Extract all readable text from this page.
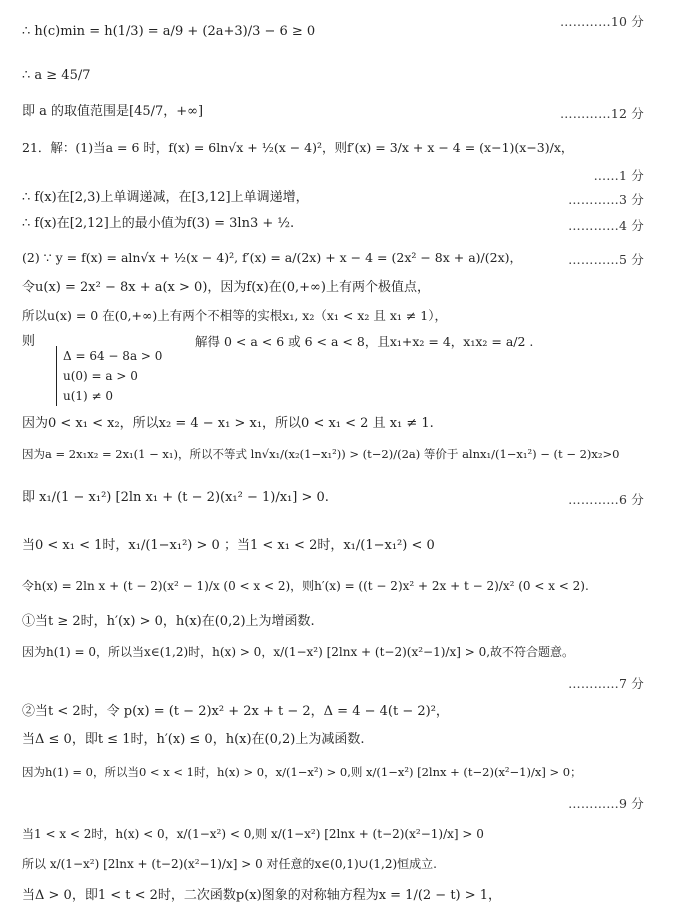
∴ h(c)min = h(1/3) = a/9 + (2a+3)/3 − 6 ≥ 0
…………10 分
∴ a ≥ 45/7
即 a 的取值范围是[45/7，+∞]	…………12 分
21．解：(1)当a = 6 时，f(x) = 6ln√x + ½(x − 4)²，则f′(x) = 3/x + x − 4 = (x−1)(x−3)/x，
……1 分
∴ f(x)在[2,3)上单调递减，在[3,12]上单调递增，	…………3 分
∴ f(x)在[2,12]上的最小值为f(3) = 3ln3 + ½.	…………4 分
(2) ∵ y = f(x) = aln√x + ½(x − 4)², f′(x) = a/(2x) + x − 4 = (2x² − 8x + a)/(2x)，	…………5 分
令u(x) = 2x² − 8x + a(x > 0)，因为f(x)在(0,+∞)上有两个极值点，
所以u(x) = 0 在(0,+∞)上有两个不相等的实根x₁, x₂（x₁ < x₂ 且 x₁ ≠ 1），
则
Δ = 64 − 8a > 0
u(0) = a > 0
u(1) ≠ 0
解得 0 < a < 6 或 6 < a < 8，且x₁+x₂ = 4，x₁x₂ = a/2 .
因为0 < x₁ < x₂，所以x₂ = 4 − x₁ > x₁，所以0 < x₁ < 2 且 x₁ ≠ 1.
因为a = 2x₁x₂ = 2x₁(1 − x₁)，所以不等式 ln√x₁/(x₂(1−x₁²)) > (t−2)/(2a) 等价于 alnx₁/(1−x₁²) − (t − 2)x₂>0
即 x₁/(1 − x₁²) [2ln x₁ + (t − 2)(x₁² − 1)/x₁] > 0.	…………6 分
当0 < x₁ < 1时，x₁/(1−x₁²) > 0 ；当1 < x₁ < 2时，x₁/(1−x₁²) < 0
令h(x) = 2ln x + (t − 2)(x² − 1)/x (0 < x < 2)，则h′(x) = ((t − 2)x² + 2x + t − 2)/x² (0 < x < 2).
①当t ≥ 2时，h′(x) > 0，h(x)在(0,2)上为增函数.
因为h(1) = 0，所以当x∈(1,2)时，h(x) > 0，x/(1−x²) [2lnx + (t−2)(x²−1)/x] > 0,故不符合题意。
…………7 分
②当t < 2时，令 p(x) = (t − 2)x² + 2x + t − 2，Δ = 4 − 4(t − 2)²，
当Δ ≤ 0，即t ≤ 1时，h′(x) ≤ 0，h(x)在(0,2)上为减函数.
因为h(1) = 0，所以当0 < x < 1时，h(x) > 0，x/(1−x²) > 0,则 x/(1−x²) [2lnx + (t−2)(x²−1)/x] > 0；
…………9 分
当1 < x < 2时，h(x) < 0，x/(1−x²) < 0,则 x/(1−x²) [2lnx + (t−2)(x²−1)/x] > 0
所以 x/(1−x²) [2lnx + (t−2)(x²−1)/x] > 0 对任意的x∈(0,1)∪(1,2)恒成立.
当Δ > 0，即1 < t < 2时，二次函数p(x)图象的对称轴方程为x = 1/(2 − t) > 1，
